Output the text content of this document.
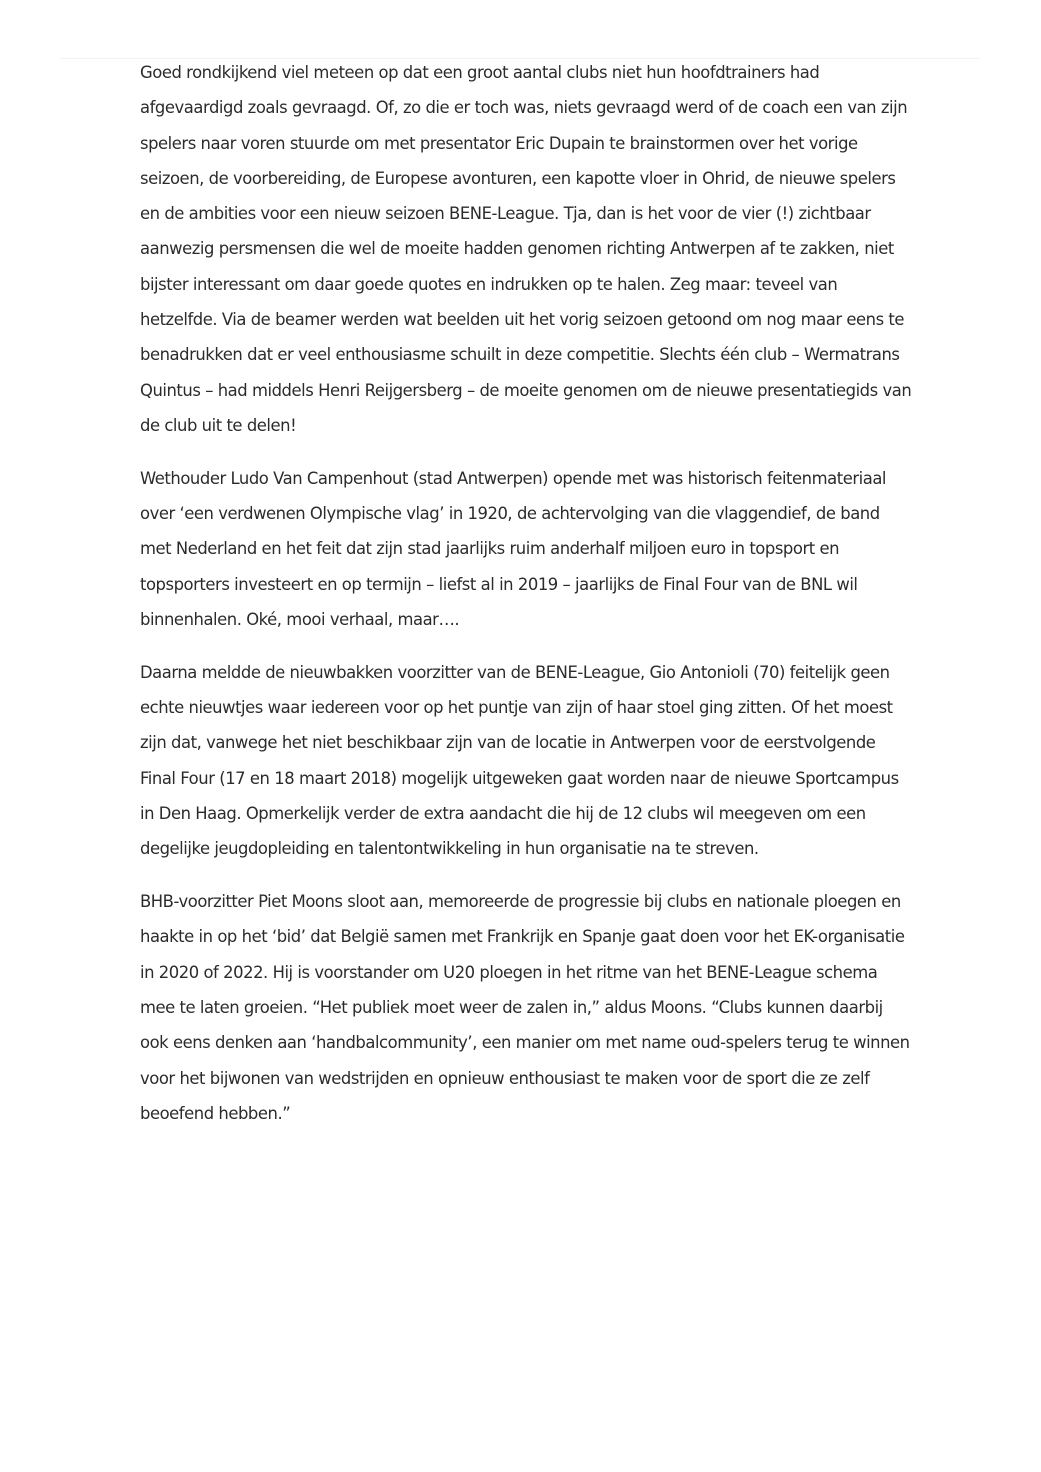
Goed rondkijkend viel meteen op dat een groot aantal clubs niet hun hoofdtrainers had afgevaardigd zoals gevraagd. Of, zo die er toch was, niets gevraagd werd of de coach een van zijn spelers naar voren stuurde om met presentator Eric Dupain te brainstormen over het vorige seizoen, de voorbereiding, de Europese avonturen, een kapotte vloer in Ohrid, de nieuwe spelers en de ambities voor een nieuw seizoen BENE-League. Tja, dan is het voor de vier (!) zichtbaar aanwezig persmensen die wel de moeite hadden genomen richting Antwerpen af te zakken, niet bijster interessant om daar goede quotes en indrukken op te halen. Zeg maar: teveel van hetzelfde. Via de beamer werden wat beelden uit het vorig seizoen getoond om nog maar eens te benadrukken dat er veel enthousiasme schuilt in deze competitie. Slechts één club – Wermatrans Quintus – had middels Henri Reijgersberg – de moeite genomen om de nieuwe presentatiegids van de club uit te delen!

Wethouder Ludo Van Campenhout (stad Antwerpen) opende met was historisch feitenmateriaal over ‘een verdwenen Olympische vlag’ in 1920, de achtervolging van die vlaggendief, de band met Nederland en het feit dat zijn stad jaarlijks ruim anderhalf miljoen euro in topsport en topsporters investeert en op termijn – liefst al in 2019 – jaarlijks de Final Four van de BNL wil binnenhalen. Oké, mooi verhaal, maar….

Daarna meldde de nieuwbakken voorzitter van de BENE-League, Gio Antonioli (70) feitelijk geen echte nieuwtjes waar iedereen voor op het puntje van zijn of haar stoel ging zitten. Of het moest zijn dat, vanwege het niet beschikbaar zijn van de locatie in Antwerpen voor de eerstvolgende Final Four (17 en 18 maart 2018) mogelijk uitgeweken gaat worden naar de nieuwe Sportcampus in Den Haag. Opmerkelijk verder de extra aandacht die hij de 12 clubs wil meegeven om een degelijke jeugdopleiding en talentontwikkeling in hun organisatie na te streven.

BHB-voorzitter Piet Moons sloot aan, memoreerde de progressie bij clubs en nationale ploegen en haakte in op het ‘bid’ dat België samen met Frankrijk en Spanje gaat doen voor het EK-organisatie in 2020 of 2022. Hij is voorstander om U20 ploegen in het ritme van het BENE-League schema mee te laten groeien. “Het publiek moet weer de zalen in,” aldus Moons. “Clubs kunnen daarbij ook eens denken aan ‘handbalcommunity’, een manier om met name oud-spelers terug te winnen voor het bijwonen van wedstrijden en opnieuw enthousiast te maken voor de sport die ze zelf beoefend hebben.”
